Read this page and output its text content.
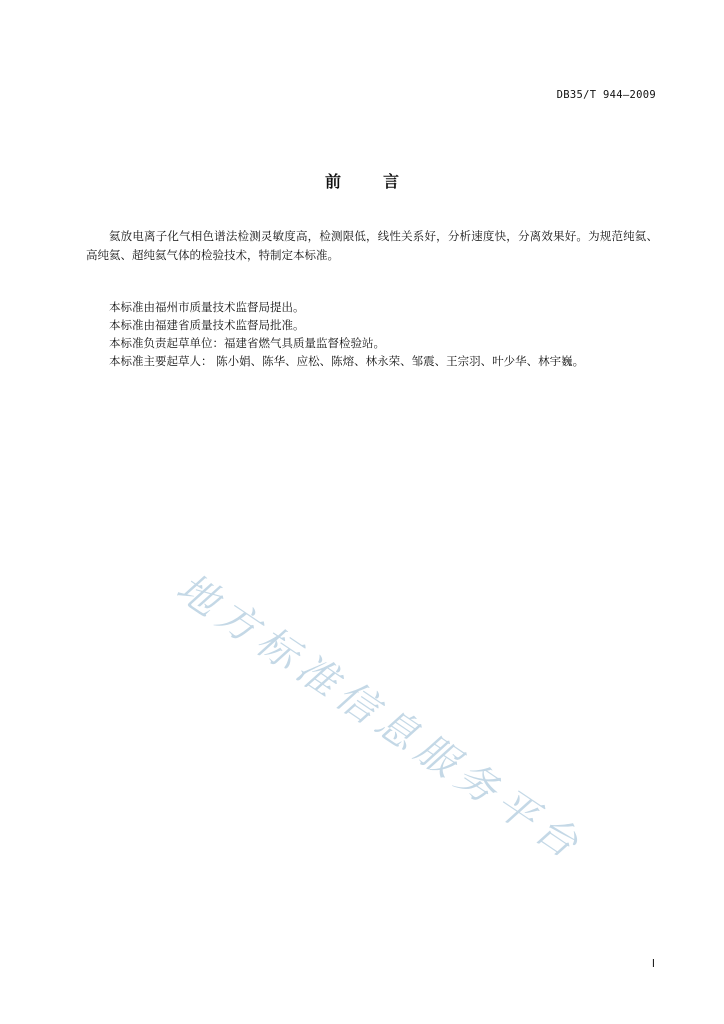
DB35/T 944—2009
前	言

氦放电离子化气相色谱法检测灵敏度高，检测限低，线性关系好，分析速度快，分离效果好。为规范纯氦、高纯氦、超纯氦气体的检验技术，特制定本标准。

本标准由福州市质量技术监督局提出。
本标准由福建省质量技术监督局批准。
本标准负责起草单位：福建省燃气具质量监督检验站。
本标准主要起草人： 陈小娟、陈华、应松、陈熔、林永荣、邹震、王宗羽、叶少华、林宇巍。
地方标准信息服务平台
I
